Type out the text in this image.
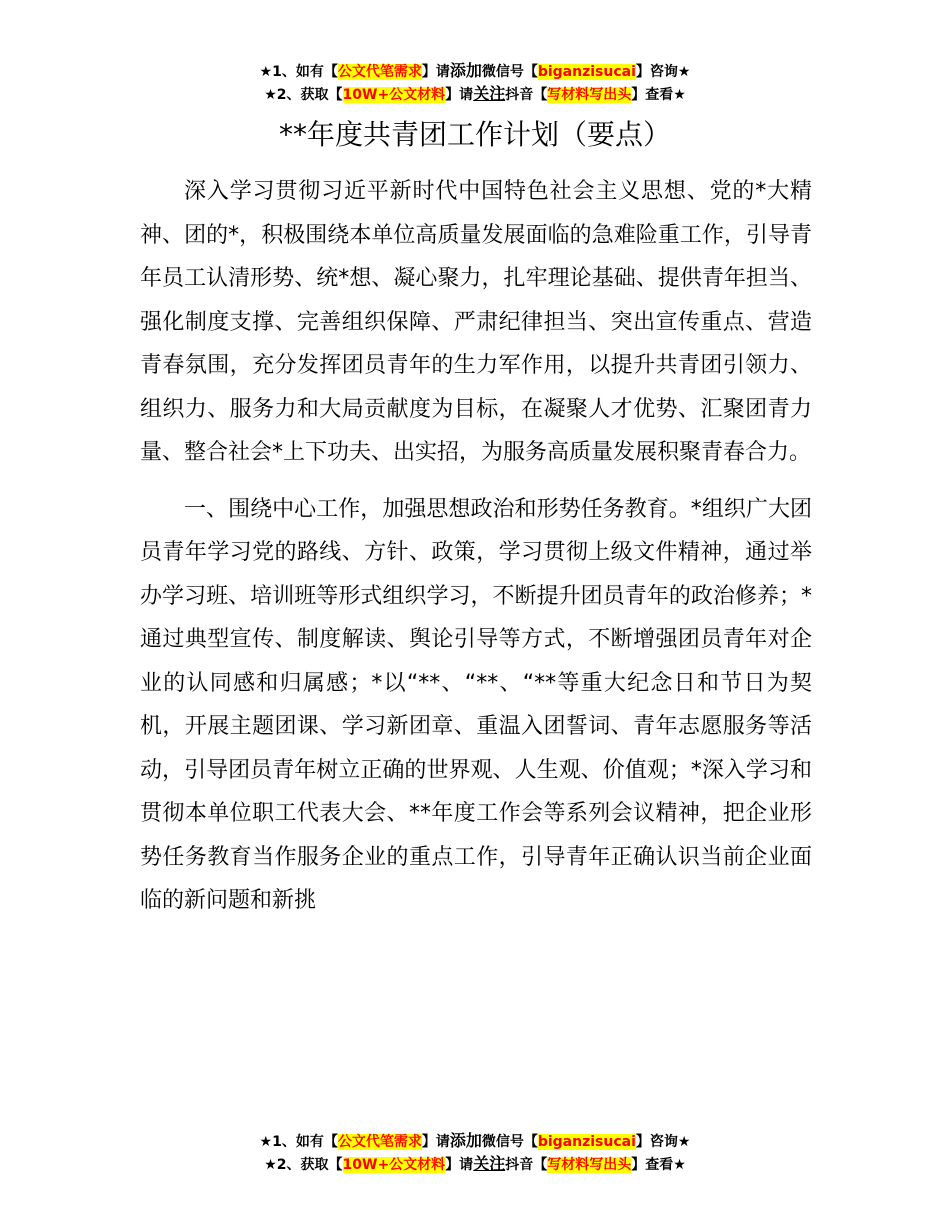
★1、如有【公文代笔需求】请添加微信号【biganzisucai】咨询★
★2、获取【10W+公文材料】请关注抖音【写材料写出头】查看★
**年度共青团工作计划（要点）

深入学习贯彻习近平新时代中国特色社会主义思想、党的*大精神、团的*，积极围绕本单位高质量发展面临的急难险重工作，引导青年员工认清形势、统*想、凝心聚力，扎牢理论基础、提供青年担当、强化制度支撑、完善组织保障、严肃纪律担当、突出宣传重点、营造青春氛围，充分发挥团员青年的生力军作用，以提升共青团引领力、组织力、服务力和大局贡献度为目标，在凝聚人才优势、汇聚团青力量、整合社会*上下功夫、出实招，为服务高质量发展积聚青春合力。

一、围绕中心工作，加强思想政治和形势任务教育。*组织广大团员青年学习党的路线、方针、政策，学习贯彻上级文件精神，通过举办学习班、培训班等形式组织学习，不断提升团员青年的政治修养；*通过典型宣传、制度解读、舆论引导等方式，不断增强团员青年对企业的认同感和归属感；*以“**、“**、“**等重大纪念日和节日为契机，开展主题团课、学习新团章、重温入团誓词、青年志愿服务等活动，引导团员青年树立正确的世界观、人生观、价值观；*深入学习和贯彻本单位职工代表大会、**年度工作会等系列会议精神，把企业形势任务教育当作服务企业的重点工作，引导青年正确认识当前企业面临的新问题和新挑

★1、如有【公文代笔需求】请添加微信号【biganzisucai】咨询★
★2、获取【10W+公文材料】请关注抖音【写材料写出头】查看★
